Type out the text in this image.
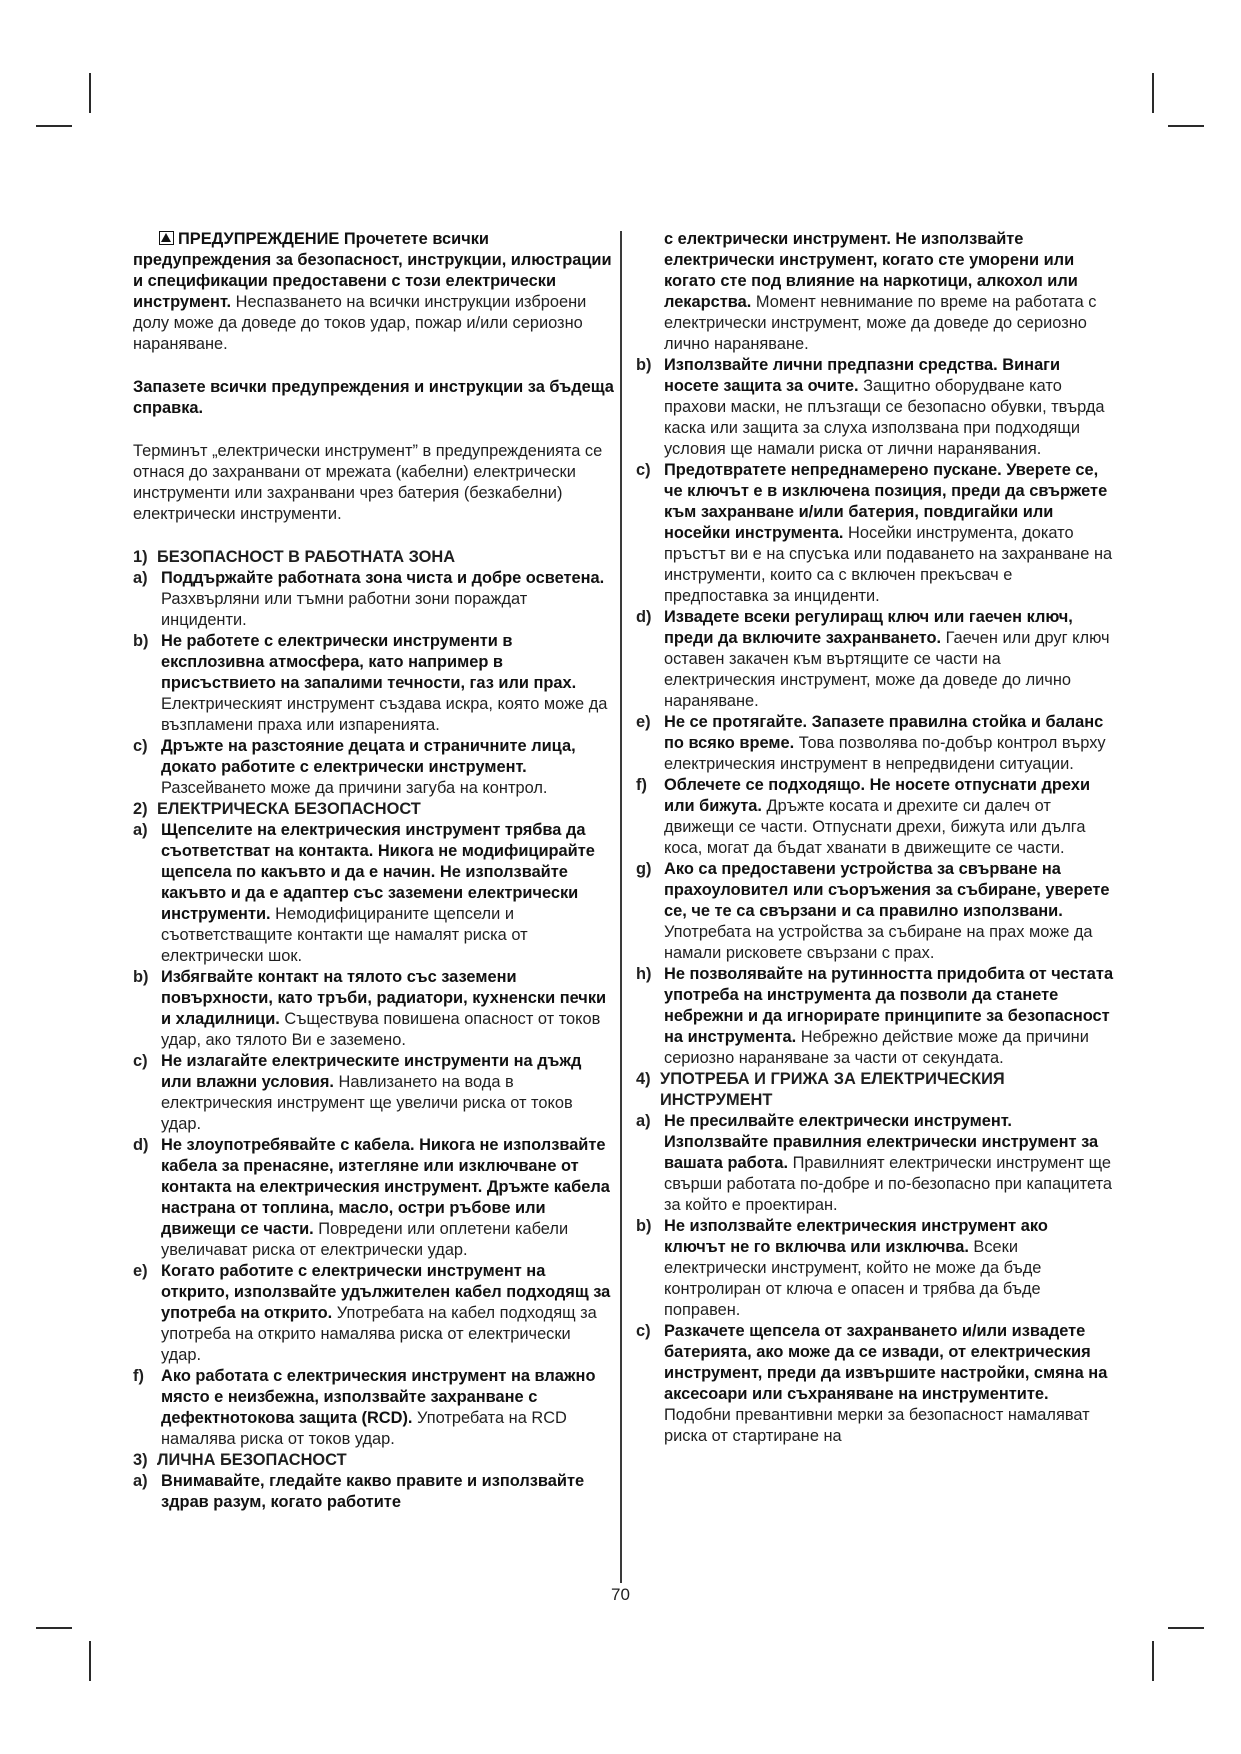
ПРЕДУПРЕЖДЕНИЕ Прочетете всички предупреждения за безопасност, инструкции, илюстрации и спецификации предоставени с този електрически инструмент. Неспазването на всички инструкции изброени долу може да доведе до токов удар, пожар и/или сериозно нараняване.

Запазете всички предупреждения и инструкции за бъдеща справка.

Терминът „електрически инструмент” в предупрежденията се отнася до захранвани от мрежата (кабелни) електрически инструменти или захранвани чрез батерия (безкабелни) електрически инструменти.

1) БЕЗОПАСНОСТ В РАБОТНАТА ЗОНА
a) Поддържайте работната зона чиста и добре осветена. Разхвърляни или тъмни работни зони пораждат инциденти.
b) Не работете с електрически инструменти в експлозивна атмосфера, като например в присъствието на запалими течности, газ или прах. Електрическият инструмент създава искра, която може да възпламени праха или изпаренията.
c) Дръжте на разстояние децата и страничните лица, докато работите с електрически инструмент. Разсейването може да причини загуба на контрол.
2) ЕЛЕКТРИЧЕСКА БЕЗОПАСНОСТ
a) Щепселите на електрическия инструмент трябва да съответстват на контакта. Никога не модифицирайте щепсела по какъвто и да е начин. Не използвайте какъвто и да е адаптер със заземени електрически инструменти. Немодифицираните щепсели и съответстващите контакти ще намалят риска от електрически шок.
b) Избягвайте контакт на тялото със заземени повърхности, като тръби, радиатори, кухненски печки и хладилници. Съществува повишена опасност от токов удар, ако тялото Ви е заземено.
c) Не излагайте електрическите инструменти на дъжд или влажни условия. Навлизането на вода в електрическия инструмент ще увеличи риска от токов удар.
d) Не злоупотребявайте с кабела. Никога не използвайте кабела за пренасяне, изтегляне или изключване от контакта на електрическия инструмент. Дръжте кабела настрана от топлина, масло, остри ръбове или движещи се части. Повредени или оплетени кабели увеличават риска от електрически удар.
e) Когато работите с електрически инструмент на открито, използвайте удължителен кабел подходящ за употреба на открито. Употребата на кабел подходящ за употреба на открито намалява риска от електрически удар.
f)	Ако работата с електрическия инструмент на влажно място е неизбежна, използвайте захранване с дефектнотокова защита (RCD). Употребата на RCD намалява риска от токов удар.
3) ЛИЧНА БЕЗОПАСНОСТ
a) Внимавайте, гледайте какво правите и използвайте здрав разум, когато работите
с електрически инструмент. Не използвайте електрически инструмент, когато сте уморени или когато сте под влияние на наркотици, алкохол или лекарства. Момент невнимание по време на работата с електрически инструмент, може да доведе до сериозно лично нараняване.
b) Използвайте лични предпазни средства. Винаги носете защита за очите. Защитно оборудване като прахови маски, не плъзгащи се безопасно обувки, твърда каска или защита за слуха използвана при подходящи условия ще намали риска от лични наранявания.
c) Предотвратете непреднамерено пускане. Уверете се, че ключът е в изключена позиция, преди да свържете към захранване и/или батерия, повдигайки или носейки инструмента. Носейки инструмента, докато пръстът ви е на спусъка или подаването на захранване на инструменти, които са с включен прекъсвач е предпоставка за инциденти.
d) Извадете всеки регулиращ ключ или гаечен ключ, преди да включите захранването. Гаечен или друг ключ оставен закачен към въртящите се части на електрическия инструмент, може да доведе до лично нараняване.
e) Не се протягайте. Запазете правилна стойка и баланс по всяко време. Това позволява по-добър контрол върху електрическия инструмент в непредвидени ситуации.
f)	Облечете се подходящо. Не носете отпуснати дрехи или бижута. Дръжте косата и дрехите си далеч от движещи се части. Отпуснати дрехи, бижута или дълга коса, могат да бъдат хванати в движещите се части.
g) Ако са предоставени устройства за свърване на прахоуловител или съоръжения за събиране, уверете се, че те са свързани и са правилно използвани. Употребата на устройства за събиране на прах може да намали рисковете свързани с прах.
h) Не позволявайте на рутинността придобита от честата употреба на инструмента да позволи да станете небрежни и да игнорирате принципите за безопасност на инструмента. Небрежно действие може да причини сериозно нараняване за части от секундата.
4) УПОТРЕБА И ГРИЖА ЗА ЕЛЕКТРИЧЕСКИЯ ИНСТРУМЕНТ
a) Не пресилвайте електрически инструмент. Използвайте правилния електрически инструмент за вашата работа. Правилният електрически инструмент ще свърши работата по-добре и по-безопасно при капацитета за който е проектиран.
b) Не използвайте електрическия инструмент ако ключът не го включва или изключва. Всеки електрически инструмент, който не може да бъде контролиран от ключа е опасен и трябва да бъде поправен.
c) Разкачете щепсела от захранването и/или извадете батерията, ако може да се извади, от електрическия инструмент, преди да извършите настройки, смяна на аксесоари или съхраняване на инструментите. Подобни превантивни мерки за безопасност намаляват риска от стартиране на
70
